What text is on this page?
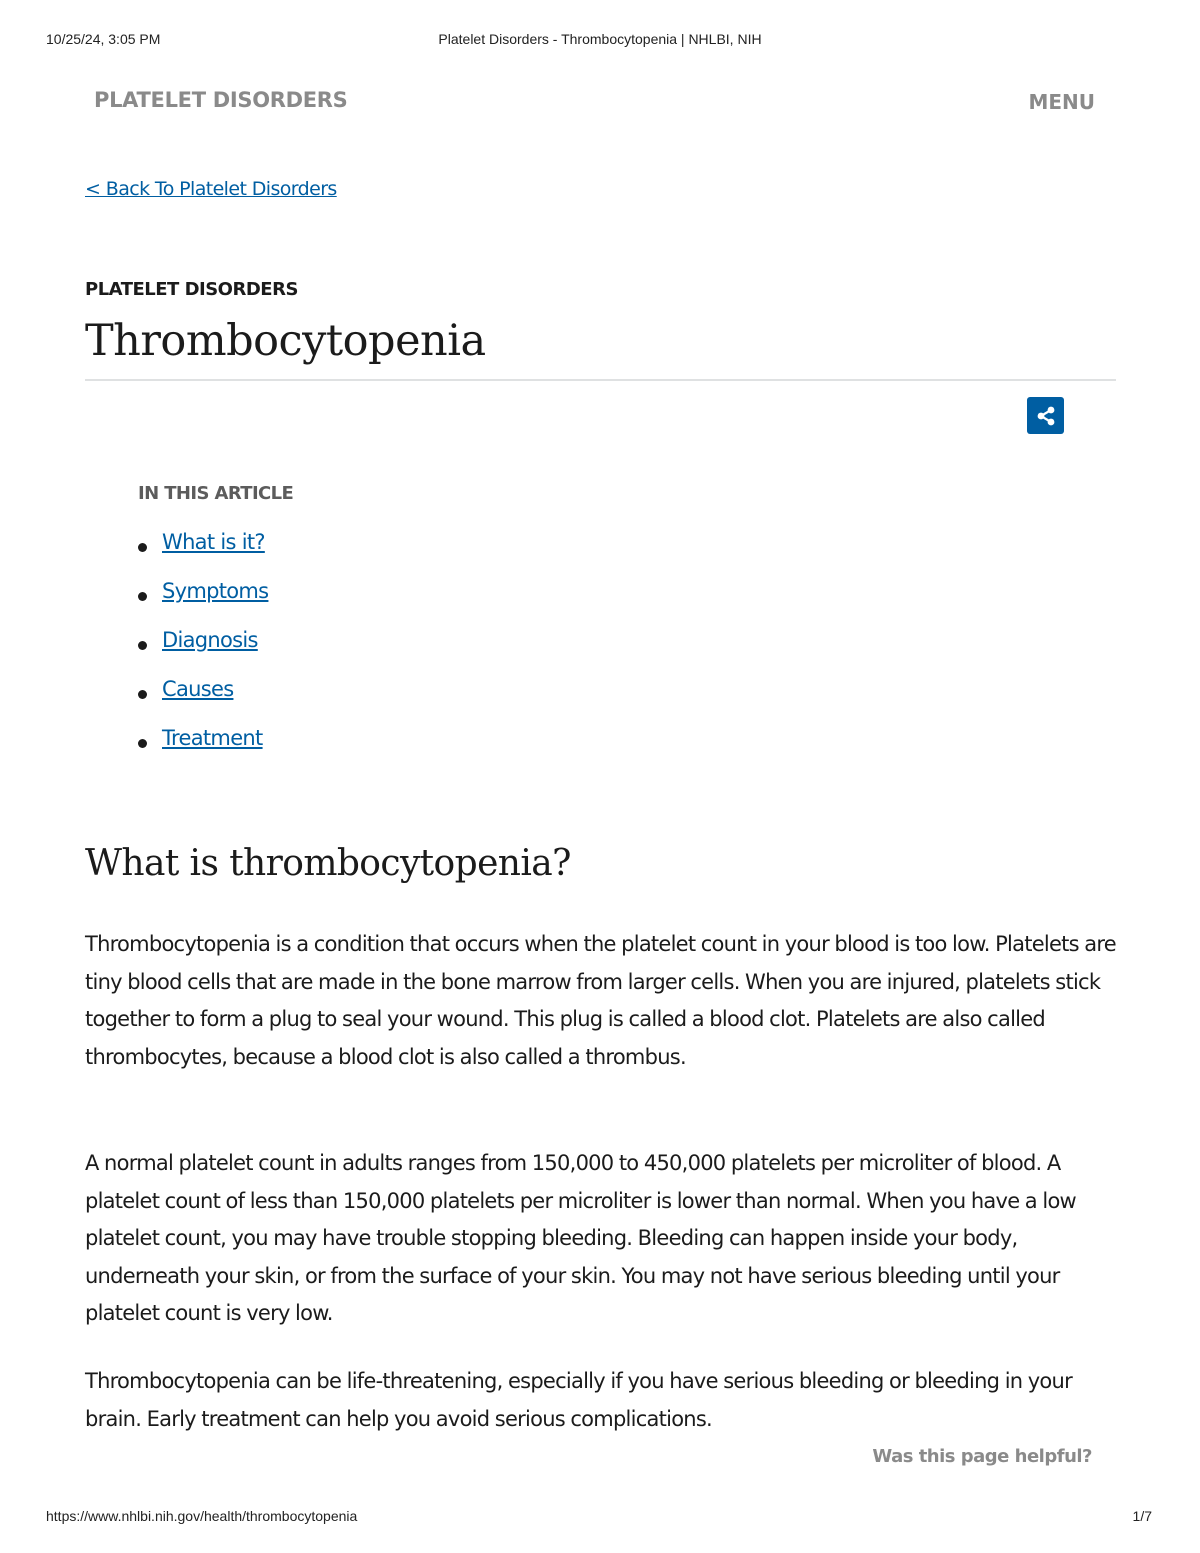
Platelet Disorders - Thrombocytopenia | NHLBI, NIH
10/25/24, 3:05 PM
PLATELET DISORDERS	MENU
< Back To Platelet Disorders
PLATELET DISORDERS
Thrombocytopenia
IN THIS ARTICLE
What is it?
Symptoms
Diagnosis
Causes
Treatment
What is thrombocytopenia?

Thrombocytopenia is a condition that occurs when the platelet count in your blood is too low. Platelets are tiny blood cells that are made in the bone marrow from larger cells. When you are injured, platelets stick together to form a plug to seal your wound. This plug is called a blood clot. Platelets are also called thrombocytes, because a blood clot is also called a thrombus.

A normal platelet count in adults ranges from 150,000 to 450,000 platelets per microliter of blood. A platelet count of less than 150,000 platelets per microliter is lower than normal. When you have a low platelet count, you may have trouble stopping bleeding. Bleeding can happen inside your body, underneath your skin, or from the surface of your skin. You may not have serious bleeding until your platelet count is very low.

Thrombocytopenia can be life-threatening, especially if you have serious bleeding or bleeding in your brain. Early treatment can help you avoid serious complications.

Was this page helpful?
https://www.nhlbi.nih.gov/health/thrombocytopenia	1/7
